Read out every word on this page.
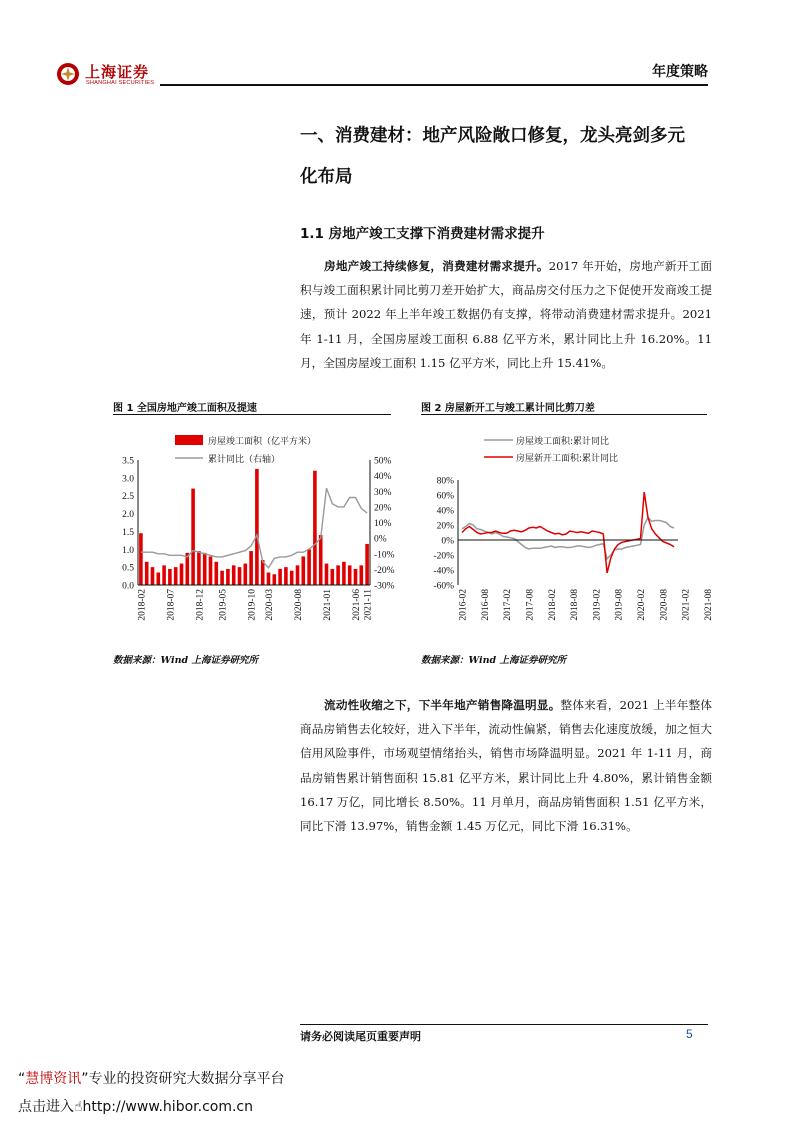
上海证券
SHANGHAI SECURITIES
年度策略
一、消费建材：地产风险敞口修复，龙头亮剑多元
化布局
1.1 房地产竣工支撑下消费建材需求提升
房地产竣工持续修复，消费建材需求提升。2017 年开始，房地产新开工面积与竣工面积累计同比剪刀差开始扩大，商品房交付压力之下促使开发商竣工提速，预计 2022 年上半年竣工数据仍有支撑，将带动消费建材需求提升。2021 年 1-11 月，全国房屋竣工面积 6.88 亿平方米，累计同比上升 16.20%。11 月，全国房屋竣工面积 1.15 亿平方米，同比上升 15.41%。
图 1 全国房地产竣工面积及提速	图 2 房屋新开工与竣工累计同比剪刀差
3.5
3.0
2.5
2.0
1.5
1.0
0.5
0.0
50%
40%
30%
20%
10%
0%
-10%
-20%
-30%
2018-02 2018-07 2018-12 2019-05 2019-10 2020-03 2020-08 2021-01 2021-06 2021-11
房屋竣工面积（亿平方米）
累计同比（右轴）
80%
60%
40%
20%
0%
-20%
-40%
-60%
2016-02 2016-08 2017-02 2017-08 2018-02 2018-08 2019-02 2019-08 2020-02 2020-08 2021-02 2021-08
房屋竣工面积:累计同比
房屋新开工面积:累计同比
数据来源：Wind 上海证券研究所	数据来源：Wind 上海证券研究所
流动性收缩之下，下半年地产销售降温明显。整体来看，2021 上半年整体商品房销售去化较好，进入下半年，流动性偏紧，销售去化速度放缓，加之恒大信用风险事件，市场观望情绪抬头，销售市场降温明显。2021 年 1-11 月，商品房销售累计销售面积 15.81 亿平方米，累计同比上升 4.80%，累计销售金额 16.17 万亿，同比增长 8.50%。11 月单月，商品房销售面积 1.51 亿平方米，同比下滑 13.97%，销售金额 1.45 万亿元，同比下滑 16.31%。
请务必阅读尾页重要声明	5
“慧博资讯”专业的投资研究大数据分享平台
点击进入☝http://www.hibor.com.cn
